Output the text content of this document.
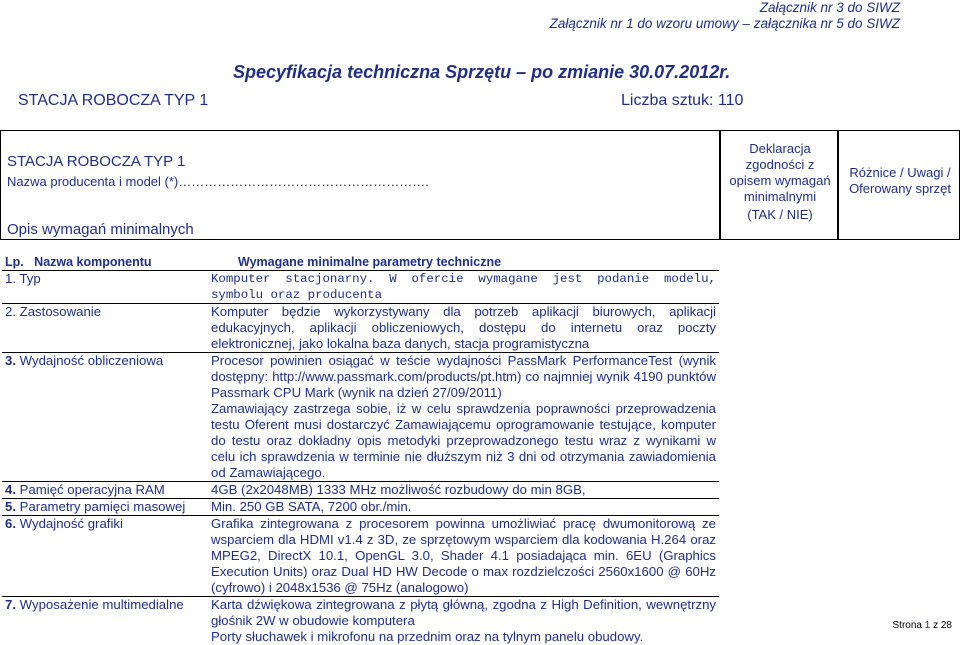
Załącznik nr 3 do SIWZ
Załącznik nr 1 do wzoru umowy – załącznika nr 5 do SIWZ
Specyfikacja techniczna Sprzętu – po zmianie 30.07.2012r.
STACJA ROBOCZA TYP 1	Liczba sztuk: 110
STACJA ROBOCZA TYP 1
Nazwa producenta i model (*)………………………………………………….
Opis wymagań minimalnych
Deklaracja
zgodności z
opisem wymagań
minimalnymi
(TAK / NIE)
Różnice / Uwagi /
Oferowany sprzęt
Lp. Nazwa komponentu	Wymagane minimalne parametry techniczne
1. Typ	Komputer stacjonarny. W ofercie wymagane jest podanie modelu, symbolu oraz producenta

2. Zastosowanie	Komputer będzie wykorzystywany dla potrzeb aplikacji biurowych, aplikacji edukacyjnych, aplikacji obliczeniowych, dostępu do internetu oraz poczty elektronicznej, jako lokalna baza danych, stacja programistyczna

3. Wydajność obliczeniowa	Procesor powinien osiągać w teście wydajności PassMark PerformanceTest (wynik dostępny: http://www.passmark.com/products/pt.htm) co najmniej wynik 4190 punktów Passmark CPU Mark (wynik na dzień 27/09/2011)
Zamawiający zastrzega sobie, iż w celu sprawdzenia poprawności przeprowadzenia testu Oferent musi dostarczyć Zamawiającemu oprogramowanie testujące, komputer do testu oraz dokładny opis metodyki przeprowadzonego testu wraz z wynikami w celu ich sprawdzenia w terminie nie dłuższym niż 3 dni od otrzymania zawiadomienia od Zamawiającego.

4. Pamięć operacyjna RAM	4GB (2x2048MB) 1333 MHz możliwość rozbudowy do min 8GB,

5. Parametry pamięci masowej	Min. 250 GB SATA, 7200 obr./min.

6. Wydajność grafiki	Grafika zintegrowana z procesorem powinna umożliwiać pracę dwumonitorową ze wsparciem dla HDMI v1.4 z 3D, ze sprzętowym wsparciem dla kodowania H.264 oraz MPEG2, DirectX 10.1, OpenGL 3.0, Shader 4.1 posiadająca min. 6EU (Graphics Execution Units) oraz Dual HD HW Decode o max rozdzielczości 2560x1600 @ 60Hz (cyfrowo) i 2048x1536 @ 75Hz (analogowo)

7. Wyposażenie multimedialne	Karta dźwiękowa zintegrowana z płytą główną, zgodna z High Definition, wewnętrzny głośnik 2W w obudowie komputera
Porty słuchawek i mikrofonu na przednim oraz na tylnym panelu obudowy.
Strona 1 z 28
